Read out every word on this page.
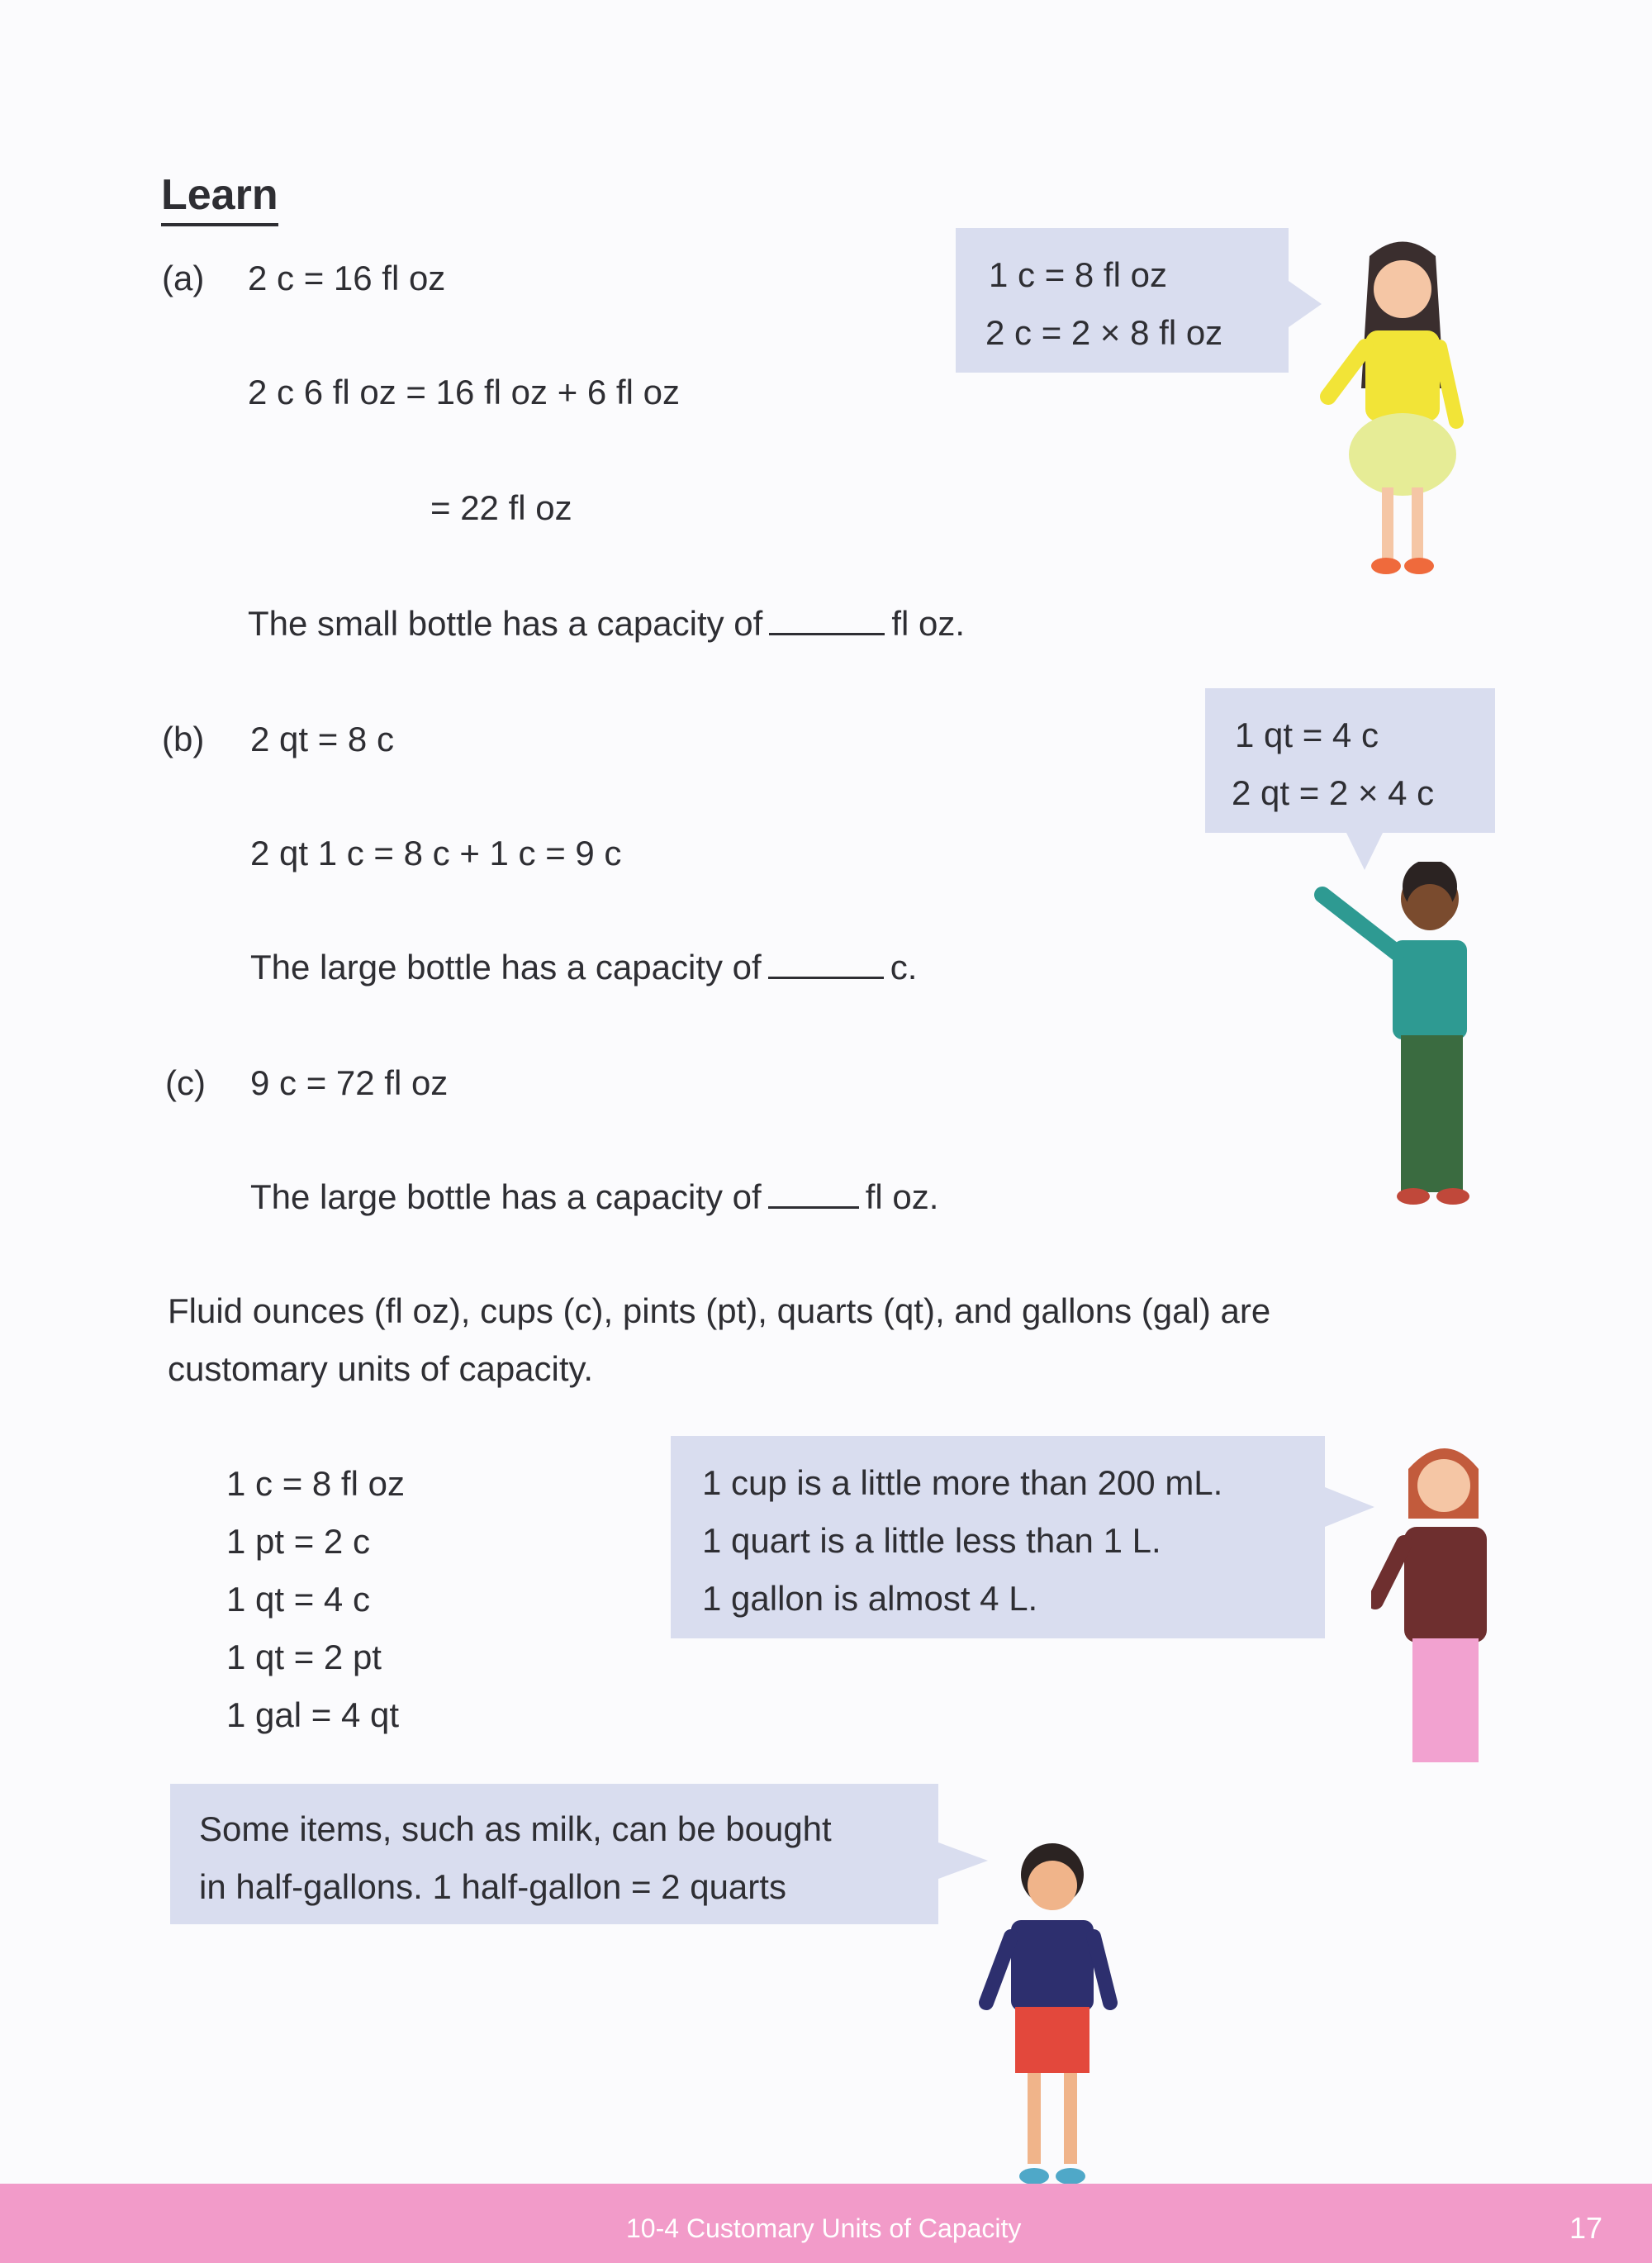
Learn
(a) 2 c = 16 fl oz	1 c = 8 fl oz
2 c = 2 × 8 fl oz
2 c 6 fl oz = 16 fl oz + 6 fl oz
= 22 fl oz
The small bottle has a capacity of	fl oz.
(b) 2 qt = 8 c	1 qt = 4 c
2 qt = 2 × 4 c
2 qt 1 c = 8 c + 1 c = 9 c
The large bottle has a capacity of	c.
(c) 9 c = 72 fl oz
The large bottle has a capacity of	fl oz.
Fluid ounces (fl oz), cups (c), pints (pt), quarts (qt), and gallons (gal) are
customary units of capacity.
1 c = 8 fl oz
1 pt = 2 c
1 qt = 4 c
1 qt = 2 pt
1 gal = 4 qt
1 cup is a little more than 200 mL.
1 quart is a little less than 1 L.
1 gallon is almost 4 L.
Some items, such as milk, can be bought
in half-gallons. 1 half-gallon = 2 quarts
10-4 Customary Units of Capacity	17
